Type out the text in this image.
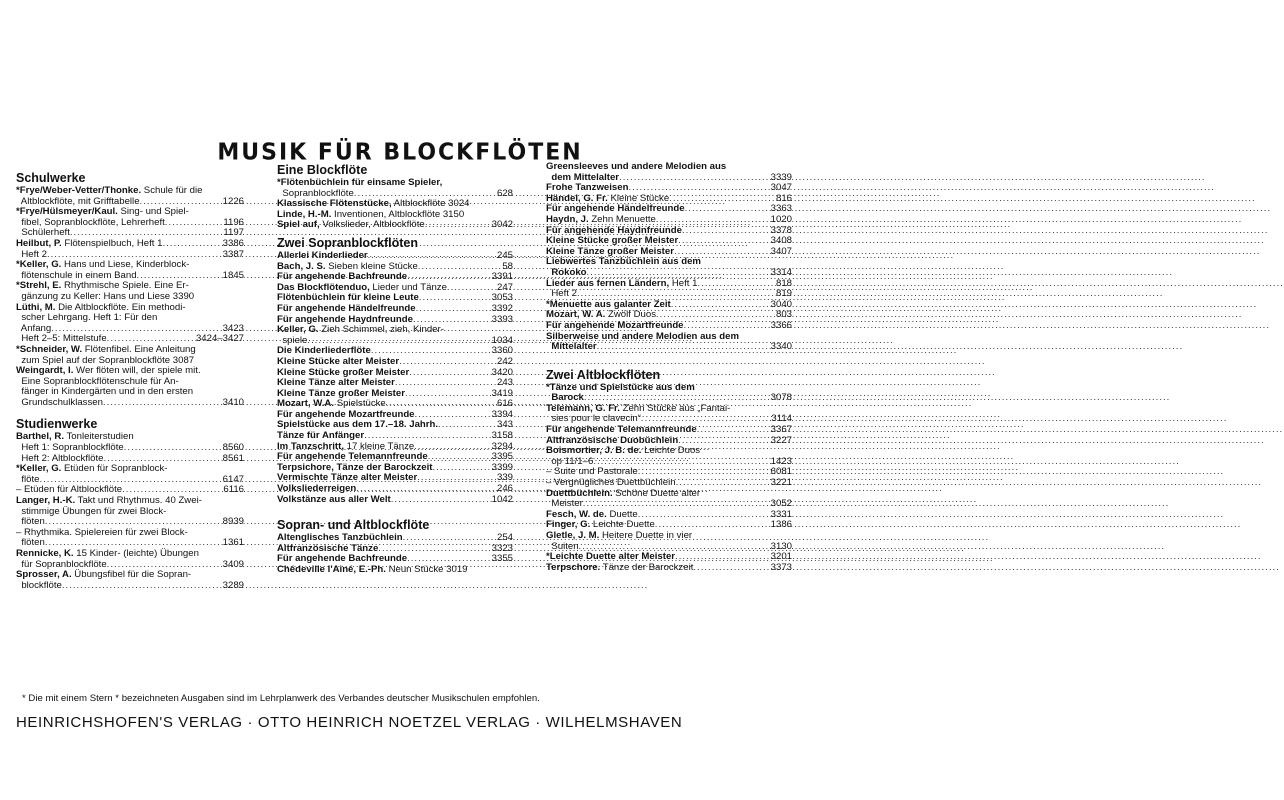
MUSIK FÜR BLOCKFLÖTEN
Schulwerke
*Frye/Weber-Vetter/Thonke. Schule für die
Altblockflöte, mit Grifftabelle .....	1226
*Frye/Hülsmeyer/Kaul. Sing- und Spiel-
fibel, Sopranblockflöte, Lehrerheft .....	1196
Schülerheft .....	1197
Heilbut, P. Flötenspielbuch, Heft 1 .....	3386
Heft 2 .....	3387
*Keller, G. Hans und Liese, Kinderblock-
flötenschule in einem Band .....	1845
*Strehl, E. Rhythmische Spiele. Eine Er-
gänzung zu Keller: Hans und Liese 3390
Lüthi, M. Die Altblockflöte. Ein methodi-
scher Lehrgang. Heft 1: Für den
Anfang .....	3423
Heft 2–5: Mittelstufe .....	3424–3427
*Schneider, W. Flötenfibel. Eine Anleitung
zum Spiel auf der Sopranblockflöte 3087
Weingardt, I. Wer flöten will, der spiele mit.
Eine Sopranblockflötenschule für An-
fänger in Kindergärten und in den ersten
Grundschulklassen .....	3410
Studienwerke
Barthel, R. Tonleiterstudien
Heft 1: Sopranblockflöte .....	8560
Heft 2: Altblockflöte .....	8561
*Keller, G. Etüden für Sopranblock-
flöte .....	6147
– Etüden für Altblockflöte .....	6116
Langer, H.-K. Takt und Rhythmus. 40 Zwei-
stimmige Übungen für zwei Block-
flöten .....	8939
– Rhythmika. Spielereien für zwei Block-
flöten .....	1361
Rennicke, K. 15 Kinder- (leichte) Übungen
für Sopranblockflöte .....	3409
Sprosser, A. Übungsfibel für die Sopran-
blockflöte .....	3289
Eine Blockflöte
*Flötenbüchlein für einsame Spieler,
Sopranblockflöte .....	628
Klassische Flötenstücke, Altblockflöte 3024
Linde, H.-M. Inventionen, Altblockflöte 3150
Spiel auf, Volkslieder, Altblockflöte .....	3042
Zwei Sopranblockflöten
Allerlei Kinderlieder .....	245
Bach, J. S. Sieben kleine Stücke .....	58
Für angehende Bachfreunde .....	3391
Das Blockflötenduo, Lieder und Tänze .....	247
Flötenbüchlein für kleine Leute .....	3053
Für angehende Händelfreunde .....	3392
Für angehende Haydnfreunde .....	3393
Keller, G. Zieh Schimmel, zieh, Kinder-
spiele .....	1034
Die Kinderliederflöte .....	3360
Kleine Stücke alter Meister .....	242
Kleine Stücke großer Meister .....	3420
Kleine Tänze alter Meister .....	243
Kleine Tänze großer Meister .....	3419
Mozart, W.A. Spielstücke .....	616
Für angehende Mozartfreunde .....	3394
Spielstücke aus dem 17.–18. Jahrh. .....	343
Tänze für Anfänger .....	3158
Im Tanzschritt, 17 kleine Tänze .....	3294
Für angehende Telemannfreunde .....	3395
Terpsichore, Tänze der Barockzeit .....	3399
Vermischte Tänze alter Meister .....	339
Volksliederreigen .....	246
Volkstänze aus aller Welt .....	1042
Sopran- und Altblockflöte
Altenglisches Tanzbüchlein .....	254
Altfranzösische Tänze .....	3323
Für angehende Bachfreunde .....	3355
Chédeville l'Ainé, E.-Ph. Neun Stücke 3019
Greensleeves und andere Melodien aus
dem Mittelalter .....	3339
Frohe Tanzweisen .....	3047
Händel, G. Fr. Kleine Stücke .....	816
Für angehende Händelfreunde .....	3363
Haydn, J. Zehn Menuette .....	1020
Für angehende Haydnfreunde .....	3378
Kleine Stücke großer Meister .....	3408
Kleine Tänze großer Meister .....	3407
Liebwertes Tanzbüchlein aus dem
Rokoko .....	3314
Lieder aus fernen Ländern, Heft 1 .....	818
Heft 2 .....	819
*Menuette aus galanter Zeit .....	3040
Mozart, W. A. Zwölf Duos .....	803
Für angehende Mozartfreunde .....	3366
Silberweise und andere Melodien aus dem
Mittelalter .....	3340
Zwei Altblockflöten
*Tänze und Spielstücke aus dem
Barock .....	3078
Telemann, G. Fr. Zehn Stücke aus „Fantai-
sies pour le clavecin“ .....	3114
Für angehende Telemannfreunde .....	3367
Altfranzösische Duobüchlein .....	3227
Boismortier, J. B. de. Leichte Duos
op 11/1–6 .....	1423
– Suite und Pastorale .....	6081
– Vergnügliches Duettbüchlein .....	3221
Duettbüchlein. Schöne Duette alter
Meister .....	3052
Fesch, W. de. Duette .....	3331
Finger, G. Leichte Duette .....	1386
Gletle, J. M. Heitere Duette in vier
Suiten .....	3130
*Leichte Duette alter Meister .....	3201
Terpschore. Tänze der Barockzeit .....	3373
* Die mit einem Stern * bezeichneten Ausgaben sind im Lehrplanwerk des Verbandes deutscher Musikschulen empfohlen.
HEINRICHSHOFEN'S VERLAG · OTTO HEINRICH NOETZEL VERLAG · WILHELMSHAVEN
